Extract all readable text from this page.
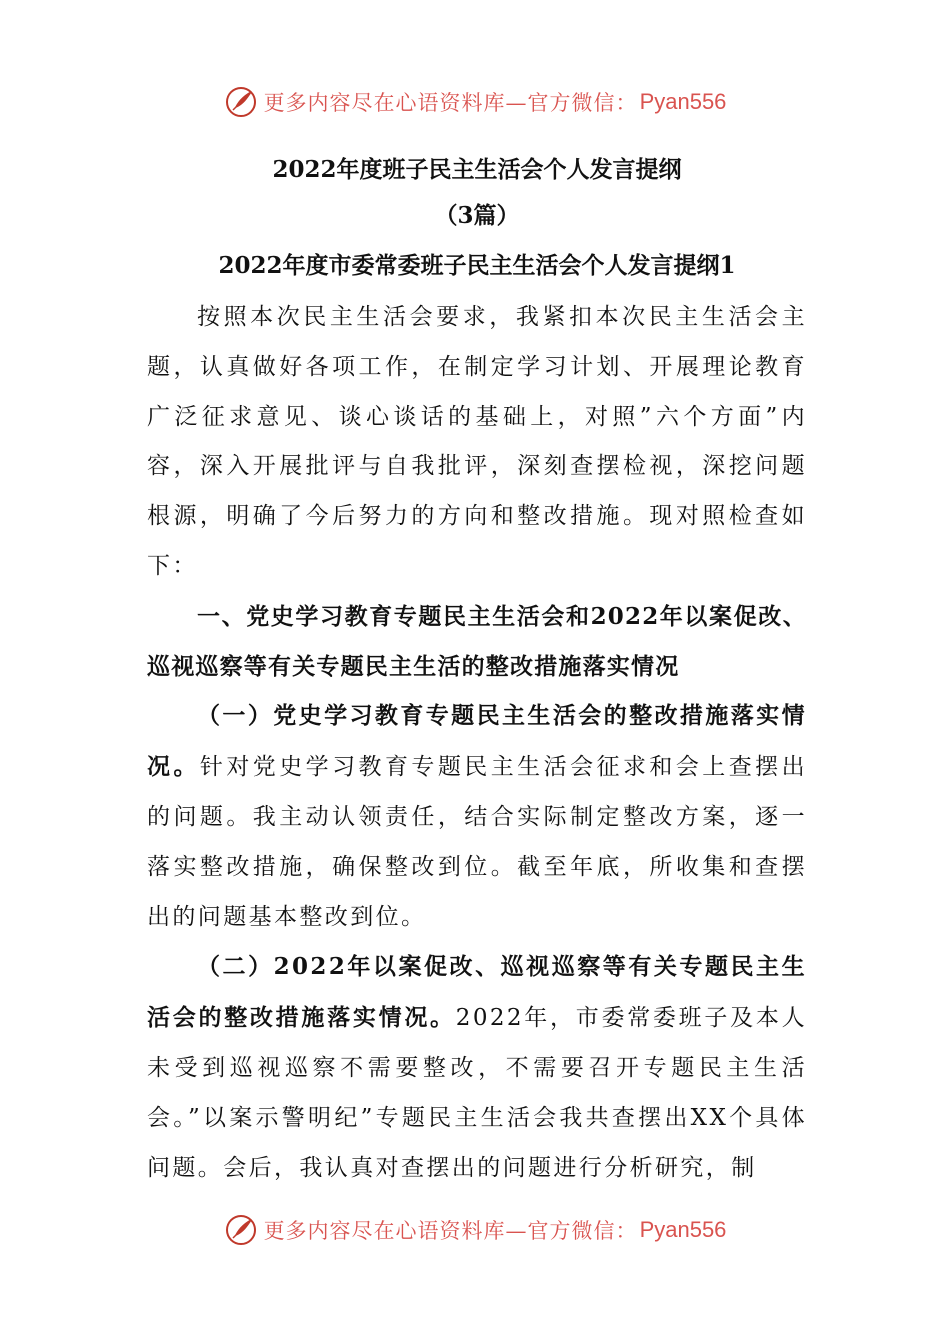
更多内容尽在心语资料库—官方微信： Pyan556
2022年度班子民主生活会个人发言提纲
（3篇）
2022年度市委常委班子民主生活会个人发言提纲1

按照本次民主生活会要求，我紧扣本次民主生活会主题，认真做好各项工作，在制定学习计划、开展理论教育广泛征求意见、谈心谈话的基础上，对照”六个方面”内容，深入开展批评与自我批评，深刻查摆检视，深挖问题根源，明确了今后努力的方向和整改措施。现对照检查如下：

一、党史学习教育专题民主生活会和2022年以案促改、巡视巡察等有关专题民主生活的整改措施落实情况

（一）党史学习教育专题民主生活会的整改措施落实情况。针对党史学习教育专题民主生活会征求和会上查摆出的问题。我主动认领责任，结合实际制定整改方案，逐一落实整改措施，确保整改到位。截至年底，所收集和查摆出的问题基本整改到位。

（二）2022年以案促改、巡视巡察等有关专题民主生活会的整改措施落实情况。2022年，市委常委班子及本人未受到巡视巡察不需要整改，不需要召开专题民主生活会。”以案示警明纪”专题民主生活会我共查摆出XX个具体问题。会后，我认真对查摆出的问题进行分析研究，制

更多内容尽在心语资料库—官方微信： Pyan556
